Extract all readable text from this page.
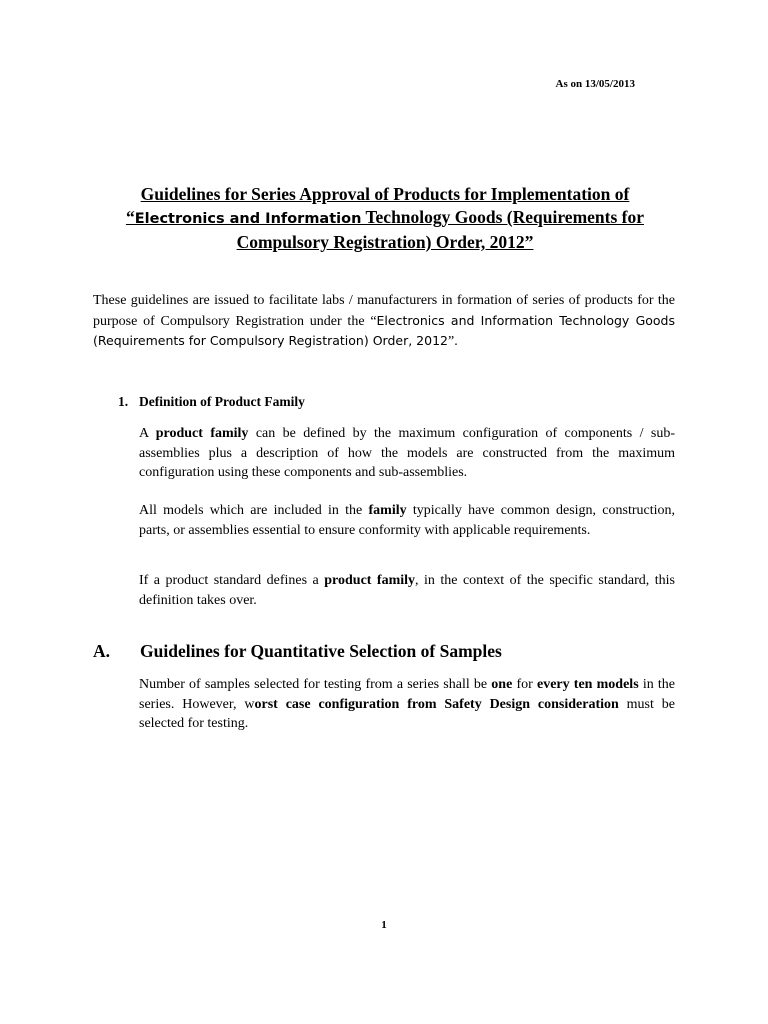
As on 13/05/2013
Guidelines for Series Approval of Products for Implementation of
“Electronics and Information Technology Goods (Requirements for
Compulsory Registration) Order, 2012”
These guidelines are issued to facilitate labs / manufacturers in formation of series of products for the purpose of Compulsory Registration under the “Electronics and Information Technology Goods (Requirements for Compulsory Registration) Order, 2012”.
1. Definition of Product Family
A product family can be defined by the maximum configuration of components / sub-assemblies plus a description of how the models are constructed from the maximum configuration using these components and sub-assemblies.
All models which are included in the family typically have common design, construction, parts, or assemblies essential to ensure conformity with applicable requirements.
If a product standard defines a product family, in the context of the specific standard, this definition takes over.
A. Guidelines for Quantitative Selection of Samples
Number of samples selected for testing from a series shall be one for every ten models in the series. However, worst case configuration from Safety Design consideration must be selected for testing.
1
